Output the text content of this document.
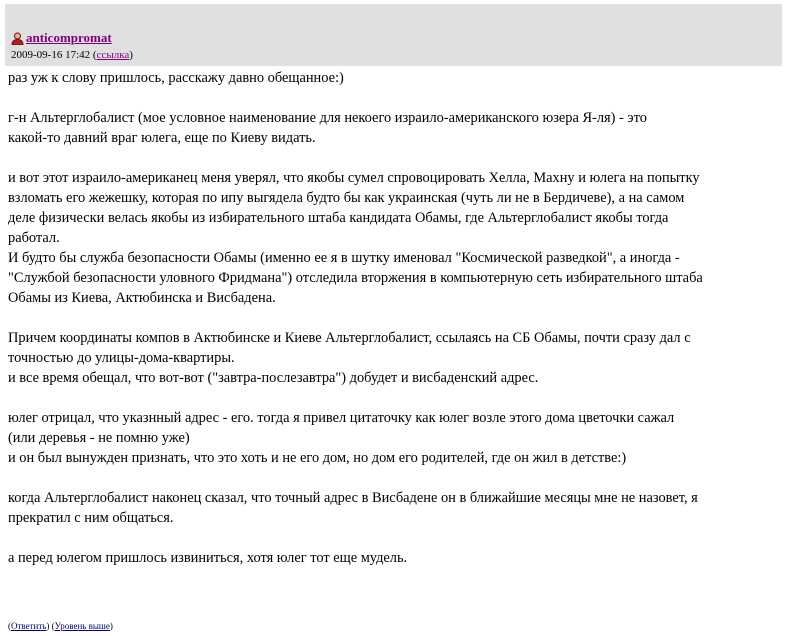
anticompromat
2009-09-16 17:42 (ссылка)
раз уж к слову пришлось, расскажу давно обещанное:)
г-н Альтерглобалист (мое условное наименование для некоего израило-американского юзера Я-ля) - это
какой-то давний враг юлега, еще по Киеву видать.
и вот этот израило-американец меня уверял, что якобы сумел спровоцировать Хелла, Махну и юлега на попытку
взломать его жежешку, которая по ипу выгядела будто бы как украинская (чуть ли не в Бердичеве), а на самом
деле физически велась якобы из избирательного штаба кандидата Обамы, где Альтерглобалист якобы тогда
работал.
И будто бы служба безопасности Обамы (именно ее я в шутку именовал "Космической разведкой", а иногда -
"Службой безопасности уловного Фридмана") отследила вторжения в компьютерную сеть избирательного штаба
Обамы из Киева, Актюбинска и Висбадена.
Причем координаты компов в Актюбинске и Киеве Альтерглобалист, ссылаясь на СБ Обамы, почти сразу дал с
точностью до улицы-дома-квартиры.
и все время обещал, что вот-вот ("завтра-послезавтра") добудет и висбаденский адрес.
юлег отрицал, что указнный адрес - его. тогда я привел цитаточку как юлег возле этого дома цветочки сажал
(или деревья - не помню уже)
и он был вынужден признать, что это хоть и не его дом, но дом его родителей, где он жил в детстве:)
когда Альтерглобалист наконец сказал, что точный адрес в Висбадене он в ближайшие месяцы мне не назовет, я
прекратил с ним общаться.
а перед юлегом пришлось извиниться, хотя юлег тот еще мудель.
(Ответить) (Уровень выше)
